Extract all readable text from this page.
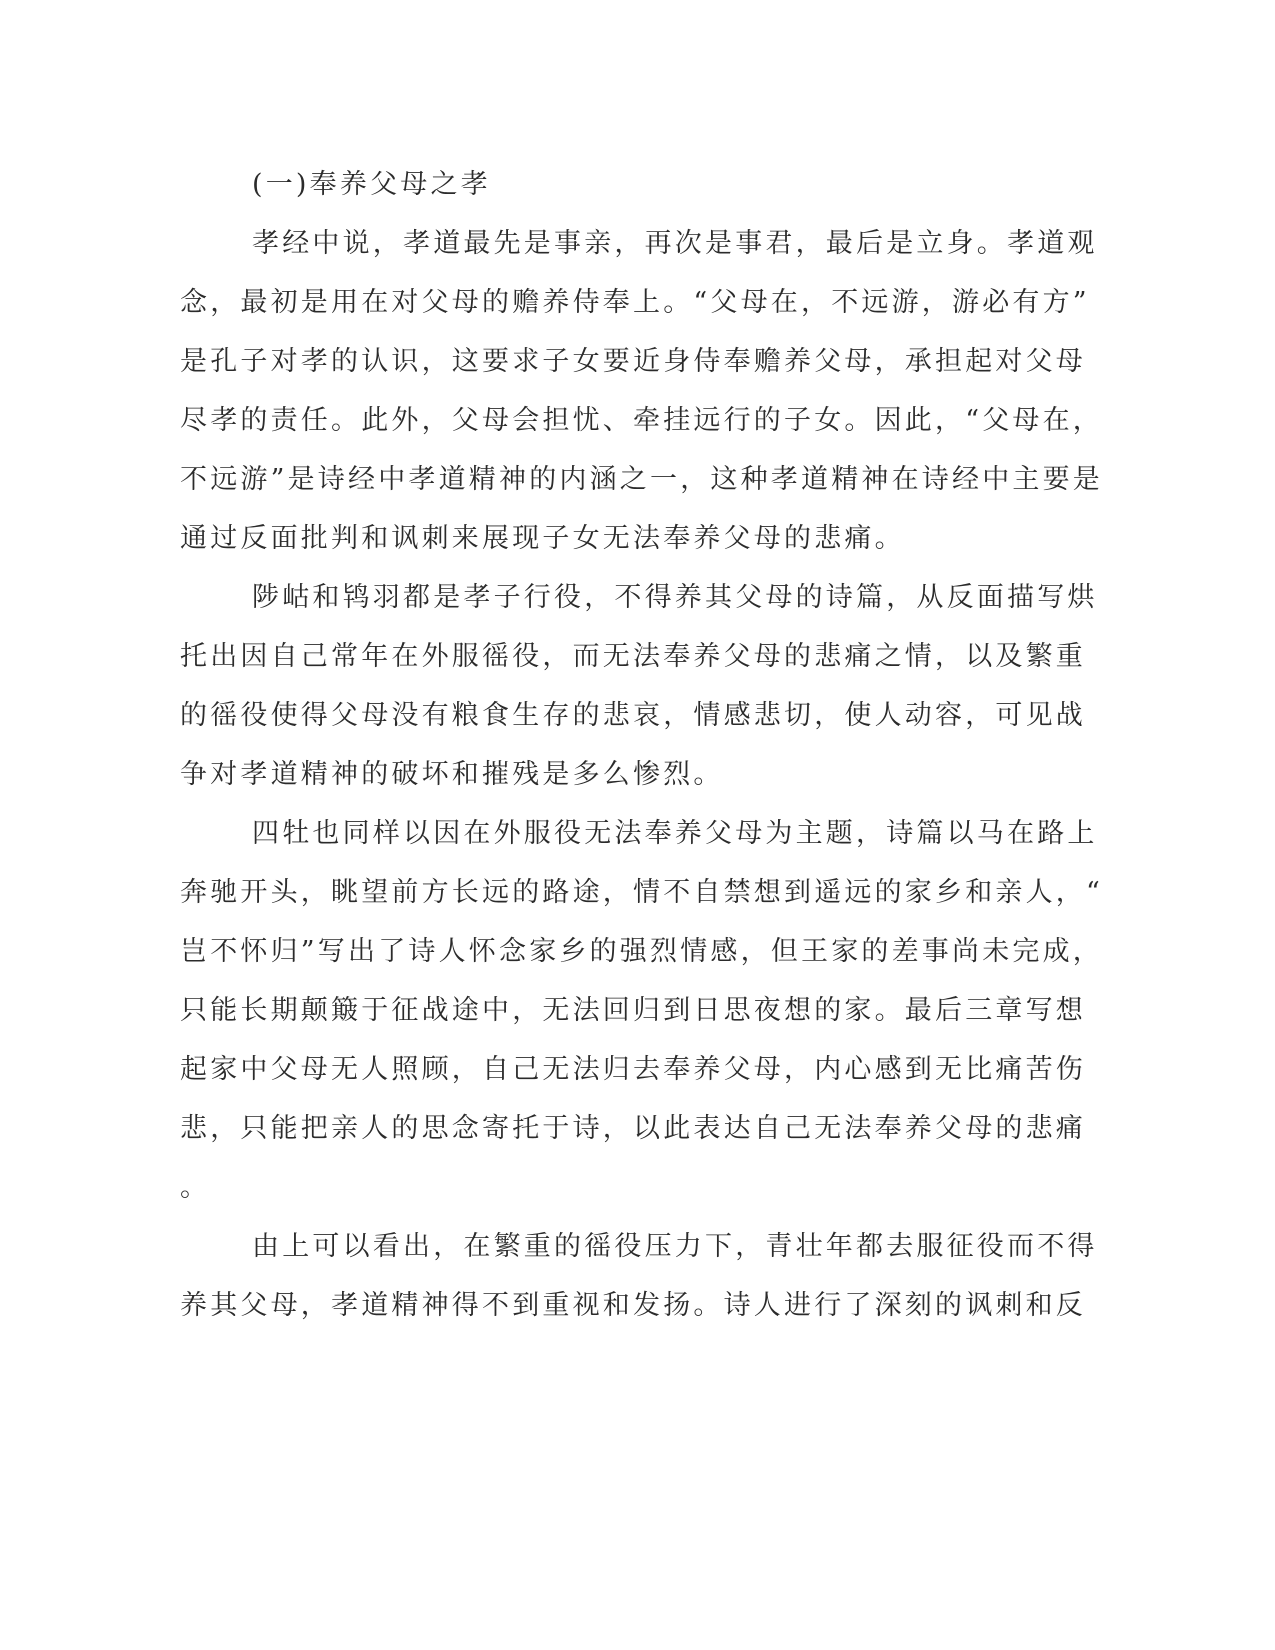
(一)奉养父母之孝
孝经中说，孝道最先是事亲，再次是事君，最后是立身。孝道观
念，最初是用在对父母的赡养侍奉上。“父母在，不远游，游必有方”
是孔子对孝的认识，这要求子女要近身侍奉赡养父母，承担起对父母
尽孝的责任。此外，父母会担忧、牵挂远行的子女。因此，“父母在，
不远游”是诗经中孝道精神的内涵之一，这种孝道精神在诗经中主要是
通过反面批判和讽刺来展现子女无法奉养父母的悲痛。
陟岵和鸨羽都是孝子行役，不得养其父母的诗篇，从反面描写烘
托出因自己常年在外服徭役，而无法奉养父母的悲痛之情，以及繁重
的徭役使得父母没有粮食生存的悲哀，情感悲切，使人动容，可见战
争对孝道精神的破坏和摧残是多么惨烈。
四牡也同样以因在外服役无法奉养父母为主题，诗篇以马在路上
奔驰开头，眺望前方长远的路途，情不自禁想到遥远的家乡和亲人，“
岂不怀归”写出了诗人怀念家乡的强烈情感，但王家的差事尚未完成，
只能长期颠簸于征战途中，无法回归到日思夜想的家。最后三章写想
起家中父母无人照顾，自己无法归去奉养父母，内心感到无比痛苦伤
悲，只能把亲人的思念寄托于诗，以此表达自己无法奉养父母的悲痛
。
由上可以看出，在繁重的徭役压力下，青壮年都去服征役而不得
养其父母，孝道精神得不到重视和发扬。诗人进行了深刻的讽刺和反
